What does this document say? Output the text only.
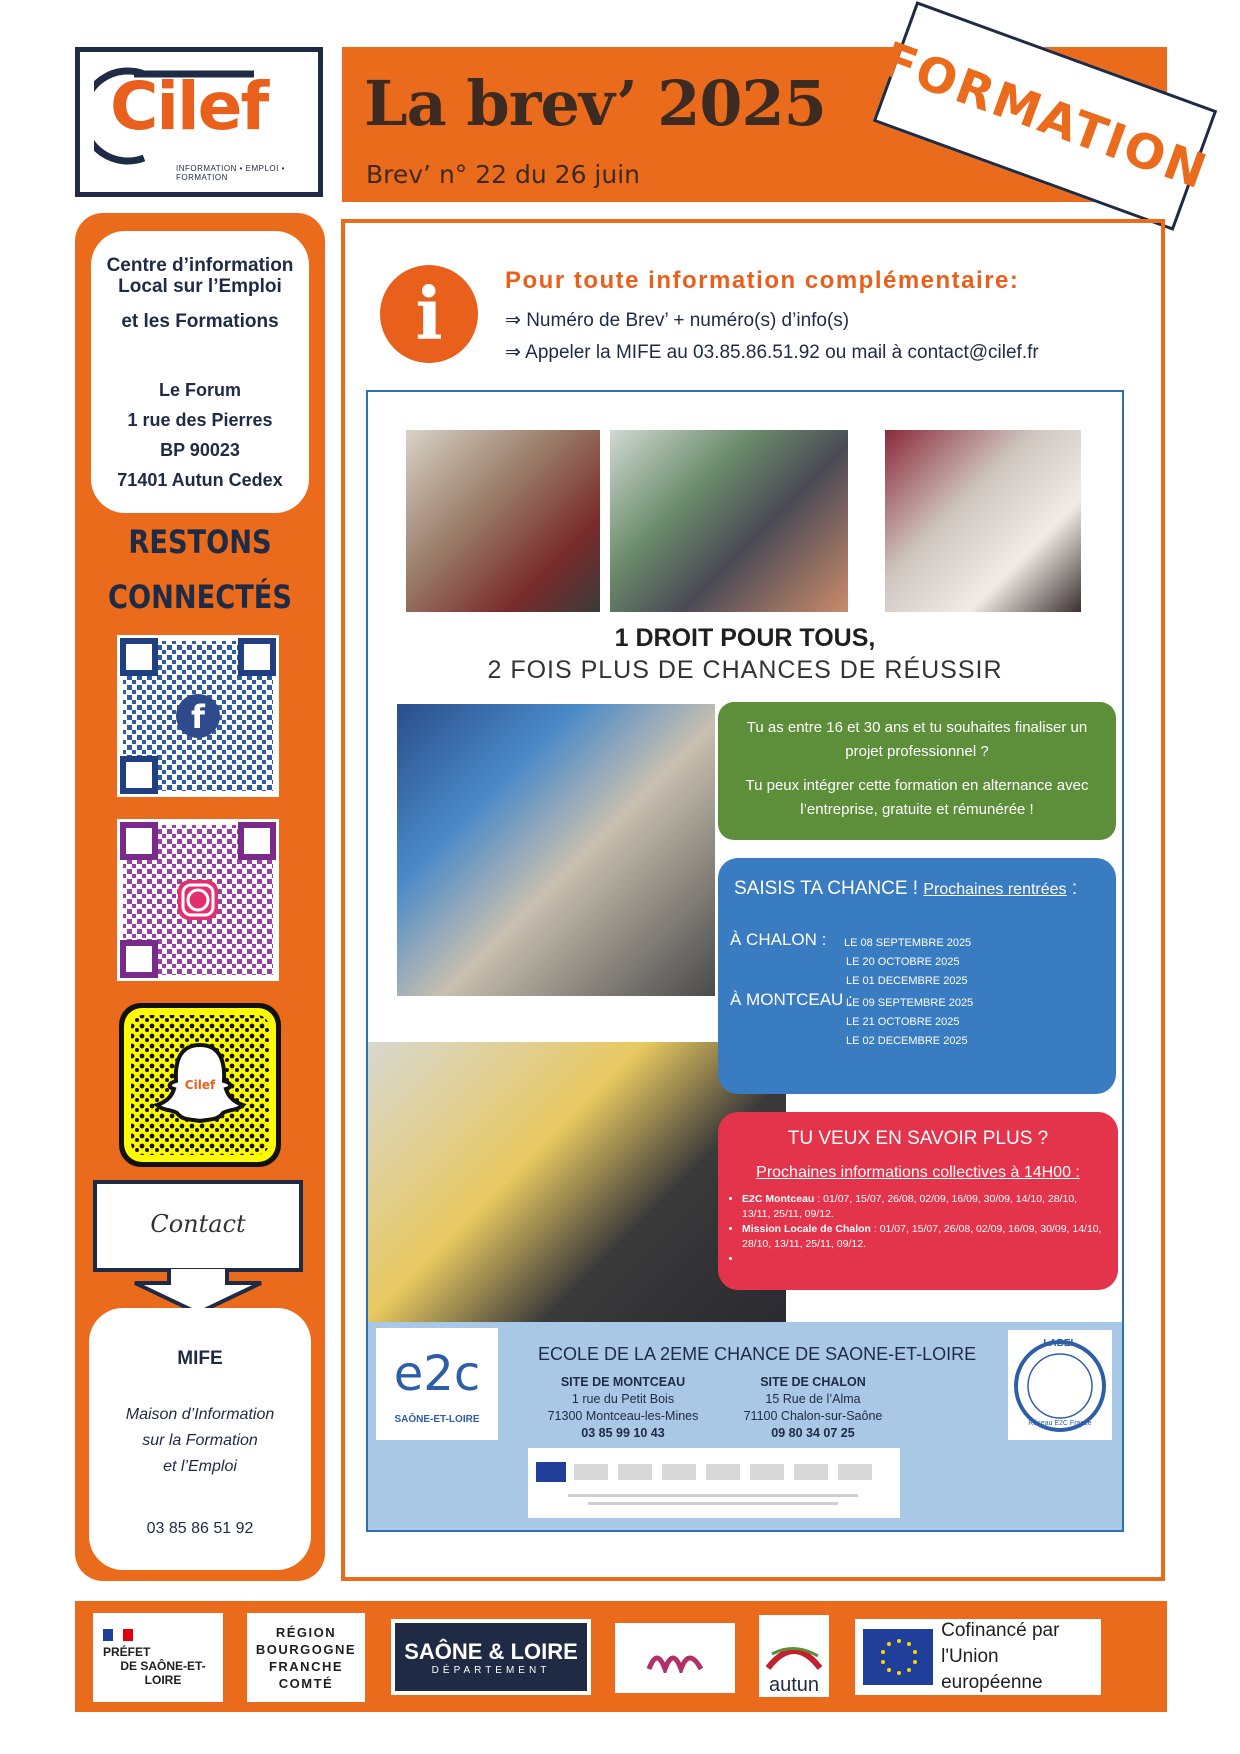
Cilef
INFORMATION • EMPLOI • FORMATION
La brev’ 2025
Brev’ n° 22 du 26 juin	FORMATION
Centre d’information
Local sur l’Emploi
et les Formations
Le Forum
1 rue des Pierres
BP 90023
71401 Autun Cedex
RESTONS
CONNECTÉS
f
Cilef
Contact
MIFE
Maison d’Information
sur la Formation
et l’Emploi
03 85 86 51 92
i	Pour toute information complémentaire:
⇒ Numéro de Brev’ + numéro(s) d’info(s)
⇒ Appeler la MIFE au 03.85.86.51.92 ou mail à contact@cilef.fr
1 DROIT POUR TOUS,
2 FOIS PLUS DE CHANCES DE RÉUSSIR
Tu as entre 16 et 30 ans et tu souhaites finaliser un projet professionnel ?
Tu peux intégrer cette formation en alternance avec l’entreprise, gratuite et rémunérée !
SAISIS TA CHANCE ! Prochaines rentrées :
À CHALON : LE 08 SEPTEMBRE 2025
LE 20 OCTOBRE 2025
LE 01 DECEMBRE 2025
À MONTCEAU :
LE 09 SEPTEMBRE 2025
LE 21 OCTOBRE 2025
LE 02 DECEMBRE 2025
TU VEUX EN SAVOIR PLUS ?
Prochaines informations collectives à 14H00 :
• E2C Montceau : 01/07, 15/07, 26/08, 02/09, 16/09, 30/09, 14/10, 28/10, 13/11, 25/11, 09/12.
• Mission Locale de Chalon : 01/07, 15/07, 26/08, 02/09, 16/09, 30/09, 14/10, 28/10, 13/11, 25/11, 09/12.
•
e2c
SAÔNE-ET-LOIRE
ECOLE DE LA 2EME CHANCE DE SAONE-ET-LOIRE
SITE DE MONTCEAU
1 rue du Petit Bois
71300 Montceau-les-Mines
03 85 99 10 43
SITE DE CHALON
15 Rue de l’Alma
71100 Chalon-sur-Saône
09 80 34 07 25
LABEL
Réseau E2C France
PRÉFET
DE SAÔNE-ET-LOIRE
RÉGION
BOURGOGNE
FRANCHE
COMTÉ
SAÔNE & LOIRE
DÉPARTEMENT
autun
Cofinancé par
l'Union européenne
